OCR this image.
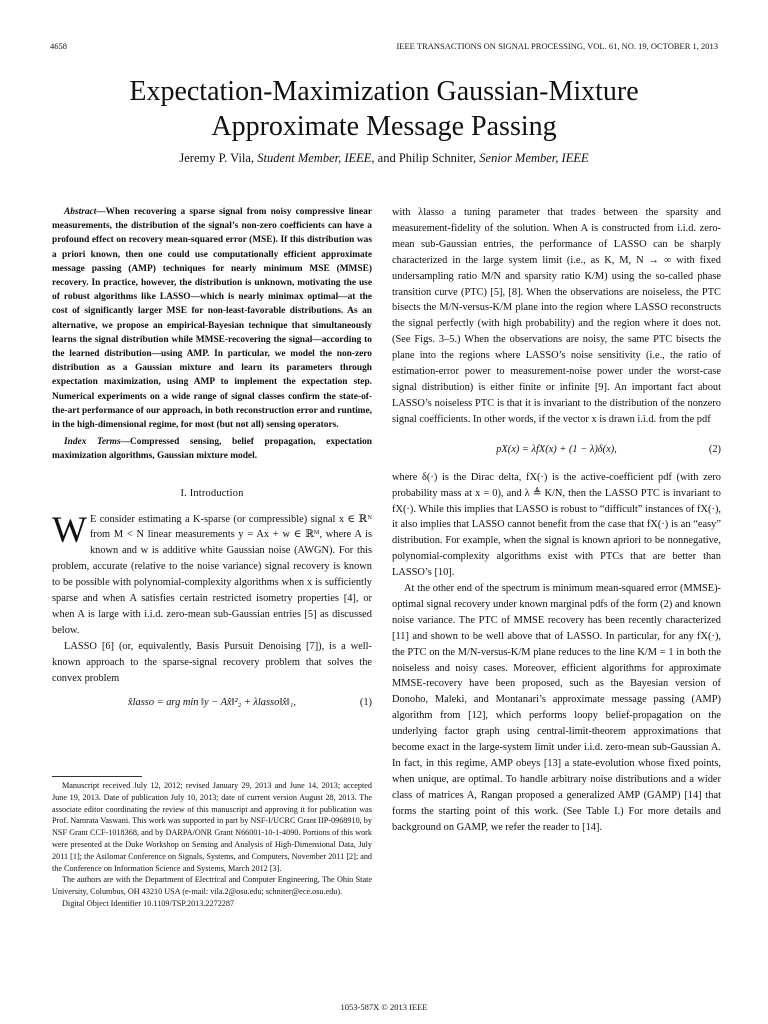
4658	IEEE TRANSACTIONS ON SIGNAL PROCESSING, VOL. 61, NO. 19, OCTOBER 1, 2013
Expectation-Maximization Gaussian-Mixture
Approximate Message Passing
Jeremy P. Vila, Student Member, IEEE, and Philip Schniter, Senior Member, IEEE

Abstract—When recovering a sparse signal from noisy compressive linear measurements, the distribution of the signal’s non-zero coefficients can have a profound effect on recovery mean-squared error (MSE). If this distribution was a priori known, then one could use computationally efficient approximate message passing (AMP) techniques for nearly minimum MSE (MMSE) recovery. In practice, however, the distribution is unknown, motivating the use of robust algorithms like LASSO—which is nearly minimax optimal—at the cost of significantly larger MSE for non-least-favorable distributions. As an alternative, we propose an empirical-Bayesian technique that simultaneously learns the signal distribution while MMSE-recovering the signal—according to the learned distribution—using AMP. In particular, we model the non-zero distribution as a Gaussian mixture and learn its parameters through expectation maximization, using AMP to implement the expectation step. Numerical experiments on a wide range of signal classes confirm the state-of-the-art performance of our approach, in both reconstruction error and runtime, in the high-dimensional regime, for most (but not all) sensing operators.

Index Terms—Compressed sensing, belief propagation, expectation maximization algorithms, Gaussian mixture model.

I. Introduction

W E consider estimating a K-sparse (or compressible) signal x ∈ ℝᴺ from M < N linear measurements y = Ax + w ∈ ℝᴹ, where A is known and w is additive white Gaussian noise (AWGN). For this problem, accurate (relative to the noise variance) signal recovery is known to be possible with polynomial-complexity algorithms when x is sufficiently sparse and when A satisfies certain restricted isometry properties [4], or when A is large with i.i.d. zero-mean sub-Gaussian entries [5] as discussed below.

LASSO [6] (or, equivalently, Basis Pursuit Denoising [7]), is a well-known approach to the sparse-signal recovery problem that solves the convex problem

x̂lasso = arg min ‖y − Ax̂‖²₂ + λlasso‖x̂‖₁,	(1)

Manuscript received July 12, 2012; revised January 29, 2013 and June 14, 2013; accepted June 19, 2013. Date of publication July 10, 2013; date of current version August 28, 2013. The associate editor coordinating the review of this manuscript and approving it for publication was Prof. Namrata Vaswani. This work was supported in part by NSF-I/UCRC Grant IIP-0968910, by NSF Grant CCF-1018368, and by DARPA/ONR Grant N66001-10-1-4090. Portions of this work were presented at the Duke Workshop on Sensing and Analysis of High-Dimensional Data, July 2011 [1]; the Asilomar Conference on Signals, Systems, and Computers, November 2011 [2]; and the Conference on Information Science and Systems, March 2012 [3].

The authors are with the Department of Electrical and Computer Engineering, The Ohio State University, Columbus, OH 43210 USA (e-mail: vila.2@osu.edu; schniter@ece.osu.edu).

Digital Object Identifier 10.1109/TSP.2013.2272287

with λlasso a tuning parameter that trades between the sparsity and measurement-fidelity of the solution. When A is constructed from i.i.d. zero-mean sub-Gaussian entries, the performance of LASSO can be sharply characterized in the large system limit (i.e., as K, M, N → ∞ with fixed undersampling ratio M/N and sparsity ratio K/M) using the so-called phase transition curve (PTC) [5], [8]. When the observations are noiseless, the PTC bisects the M/N-versus-K/M plane into the region where LASSO reconstructs the signal perfectly (with high probability) and the region where it does not. (See Figs. 3–5.) When the observations are noisy, the same PTC bisects the plane into the regions where LASSO’s noise sensitivity (i.e., the ratio of estimation-error power to measurement-noise power under the worst-case signal distribution) is either finite or infinite [9]. An important fact about LASSO’s noiseless PTC is that it is invariant to the distribution of the nonzero signal coefficients. In other words, if the vector x is drawn i.i.d. from the pdf

pX(x) = λfX(x) + (1 − λ)δ(x),	(2)

where δ(·) is the Dirac delta, fX(·) is the active-coefficient pdf (with zero probability mass at x = 0), and λ ≜ K/N, then the LASSO PTC is invariant to fX(·). While this implies that LASSO is robust to “difficult” instances of fX(·), it also implies that LASSO cannot benefit from the case that fX(·) is an “easy” distribution. For example, when the signal is known apriori to be nonnegative, polynomial-complexity algorithms exist with PTCs that are better than LASSO’s [10].

At the other end of the spectrum is minimum mean-squared error (MMSE)-optimal signal recovery under known marginal pdfs of the form (2) and known noise variance. The PTC of MMSE recovery has been recently characterized [11] and shown to be well above that of LASSO. In particular, for any fX(·), the PTC on the M/N-versus-K/M plane reduces to the line K/M = 1 in both the noiseless and noisy cases. Moreover, efficient algorithms for approximate MMSE-recovery have been proposed, such as the Bayesian version of Donoho, Maleki, and Montanari’s approximate message passing (AMP) algorithm from [12], which performs loopy belief-propagation on the underlying factor graph using central-limit-theorem approximations that become exact in the large-system limit under i.i.d. zero-mean sub-Gaussian A. In fact, in this regime, AMP obeys [13] a state-evolution whose fixed points, when unique, are optimal. To handle arbitrary noise distributions and a wider class of matrices A, Rangan proposed a generalized AMP (GAMP) [14] that forms the starting point of this work. (See Table I.) For more details and background on GAMP, we refer the reader to [14].

1053-587X © 2013 IEEE
